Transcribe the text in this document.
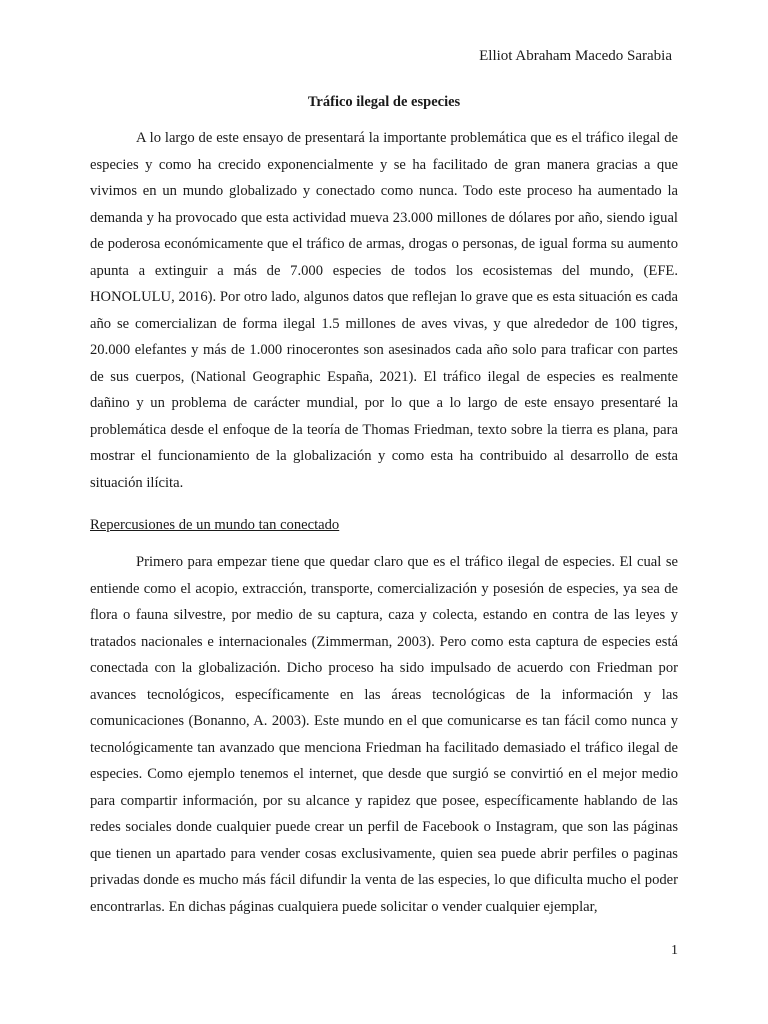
Elliot Abraham Macedo Sarabia
Tráfico ilegal de especies

A lo largo de este ensayo de presentará la importante problemática que es el tráfico ilegal de especies y como ha crecido exponencialmente y se ha facilitado de gran manera gracias a que vivimos en un mundo globalizado y conectado como nunca. Todo este proceso ha aumentado la demanda y ha provocado que esta actividad mueva 23.000 millones de dólares por año, siendo igual de poderosa económicamente que el tráfico de armas, drogas o personas, de igual forma su aumento apunta a extinguir a más de 7.000 especies de todos los ecosistemas del mundo, (EFE. HONOLULU, 2016). Por otro lado, algunos datos que reflejan lo grave que es esta situación es cada año se comercializan de forma ilegal 1.5 millones de aves vivas, y que alrededor de 100 tigres, 20.000 elefantes y más de 1.000 rinocerontes son asesinados cada año solo para traficar con partes de sus cuerpos, (National Geographic España, 2021). El tráfico ilegal de especies es realmente dañino y un problema de carácter mundial, por lo que a lo largo de este ensayo presentaré la problemática desde el enfoque de la teoría de Thomas Friedman, texto sobre la tierra es plana, para mostrar el funcionamiento de la globalización y como esta ha contribuido al desarrollo de esta situación ilícita.

Repercusiones de un mundo tan conectado

Primero para empezar tiene que quedar claro que es el tráfico ilegal de especies. El cual se entiende como el acopio, extracción, transporte, comercialización y posesión de especies, ya sea de flora o fauna silvestre, por medio de su captura, caza y colecta, estando en contra de las leyes y tratados nacionales e internacionales (Zimmerman, 2003). Pero como esta captura de especies está conectada con la globalización. Dicho proceso ha sido impulsado de acuerdo con Friedman por avances tecnológicos, específicamente en las áreas tecnológicas de la información y las comunicaciones (Bonanno, A. 2003). Este mundo en el que comunicarse es tan fácil como nunca y tecnológicamente tan avanzado que menciona Friedman ha facilitado demasiado el tráfico ilegal de especies. Como ejemplo tenemos el internet, que desde que surgió se convirtió en el mejor medio para compartir información, por su alcance y rapidez que posee, específicamente hablando de las redes sociales donde cualquier puede crear un perfil de Facebook o Instagram, que son las páginas que tienen un apartado para vender cosas exclusivamente, quien sea puede abrir perfiles o paginas privadas donde es mucho más fácil difundir la venta de las especies, lo que dificulta mucho el poder encontrarlas. En dichas páginas cualquiera puede solicitar o vender cualquier ejemplar,

1
